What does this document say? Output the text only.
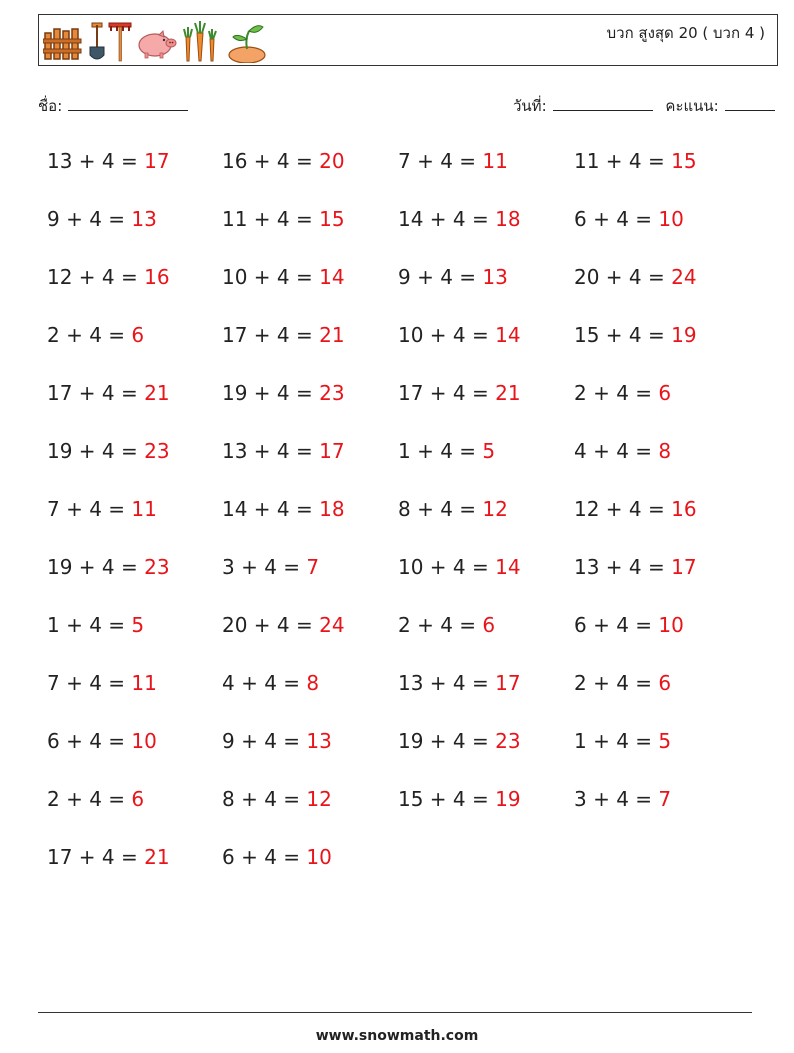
บวก สูงสุด 20 ( บวก 4 )
ชื่อ:	วันที่:	คะแนน:
13 + 4 = 17	16 + 4 = 20	7 + 4 = 11	11 + 4 = 15
9 + 4 = 13	11 + 4 = 15	14 + 4 = 18	6 + 4 = 10
12 + 4 = 16	10 + 4 = 14	9 + 4 = 13	20 + 4 = 24
2 + 4 = 6	17 + 4 = 21	10 + 4 = 14	15 + 4 = 19
17 + 4 = 21	19 + 4 = 23	17 + 4 = 21	2 + 4 = 6
19 + 4 = 23	13 + 4 = 17	1 + 4 = 5	4 + 4 = 8
7 + 4 = 11	14 + 4 = 18	8 + 4 = 12	12 + 4 = 16
19 + 4 = 23	3 + 4 = 7	10 + 4 = 14	13 + 4 = 17
1 + 4 = 5	20 + 4 = 24	2 + 4 = 6	6 + 4 = 10
7 + 4 = 11	4 + 4 = 8	13 + 4 = 17	2 + 4 = 6
6 + 4 = 10	9 + 4 = 13	19 + 4 = 23	1 + 4 = 5
2 + 4 = 6	8 + 4 = 12	15 + 4 = 19	3 + 4 = 7
17 + 4 = 21	6 + 4 = 10
www.snowmath.com
